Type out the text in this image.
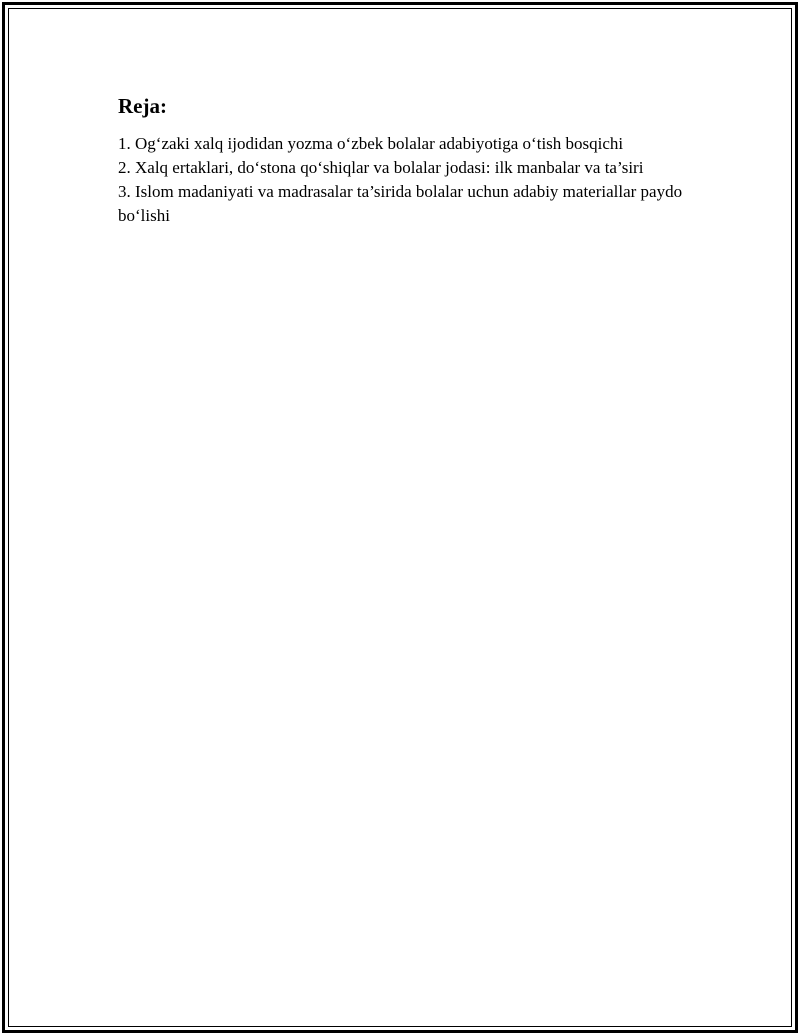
Reja:
1. Og‘zaki xalq ijodidan yozma o‘zbek bolalar adabiyotiga o‘tish bosqichi
2. Xalq ertaklari, do‘stona qo‘shiqlar va bolalar jodasi: ilk manbalar va ta’siri
3. Islom madaniyati va madrasalar ta’sirida bolalar uchun adabiy materiallar paydo bo‘lishi
